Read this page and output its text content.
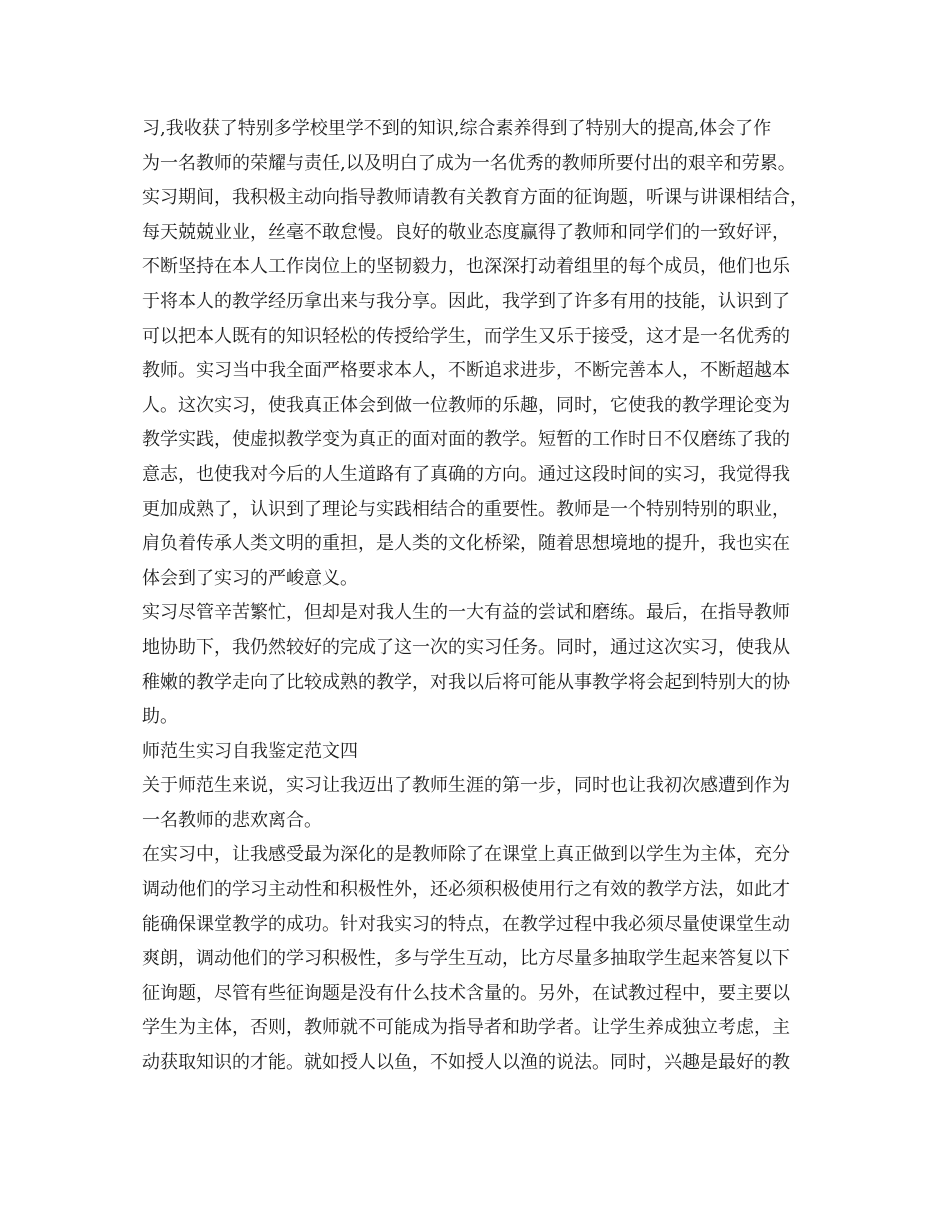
习,我收获了特别多学校里学不到的知识,综合素养得到了特别大的提高,体会了作
为一名教师的荣耀与责任,以及明白了成为一名优秀的教师所要付出的艰辛和劳累。
实习期间，我积极主动向指导教师请教有关教育方面的征询题，听课与讲课相结合，
每天兢兢业业，丝毫不敢怠慢。良好的敬业态度赢得了教师和同学们的一致好评，
不断坚持在本人工作岗位上的坚韧毅力，也深深打动着组里的每个成员，他们也乐
于将本人的教学经历拿出来与我分享。因此，我学到了许多有用的技能，认识到了
可以把本人既有的知识轻松的传授给学生，而学生又乐于接受，这才是一名优秀的
教师。实习当中我全面严格要求本人，不断追求进步，不断完善本人，不断超越本
人。这次实习，使我真正体会到做一位教师的乐趣，同时，它使我的教学理论变为
教学实践，使虚拟教学变为真正的面对面的教学。短暂的工作时日不仅磨练了我的
意志，也使我对今后的人生道路有了真确的方向。通过这段时间的实习，我觉得我
更加成熟了，认识到了理论与实践相结合的重要性。教师是一个特别特别的职业，
肩负着传承人类文明的重担，是人类的文化桥梁，随着思想境地的提升，我也实在
体会到了实习的严峻意义。
实习尽管辛苦繁忙，但却是对我人生的一大有益的尝试和磨练。最后，在指导教师
地协助下，我仍然较好的完成了这一次的实习任务。同时，通过这次实习，使我从
稚嫩的教学走向了比较成熟的教学，对我以后将可能从事教学将会起到特别大的协
助。
师范生实习自我鉴定范文四
关于师范生来说，实习让我迈出了教师生涯的第一步，同时也让我初次感遭到作为
一名教师的悲欢离合。
在实习中，让我感受最为深化的是教师除了在课堂上真正做到以学生为主体，充分
调动他们的学习主动性和积极性外，还必须积极使用行之有效的教学方法，如此才
能确保课堂教学的成功。针对我实习的特点，在教学过程中我必须尽量使课堂生动
爽朗，调动他们的学习积极性，多与学生互动，比方尽量多抽取学生起来答复以下
征询题，尽管有些征询题是没有什么技术含量的。另外，在试教过程中，要主要以
学生为主体，否则，教师就不可能成为指导者和助学者。让学生养成独立考虑，主
动获取知识的才能。就如授人以鱼，不如授人以渔的说法。同时，兴趣是最好的教
